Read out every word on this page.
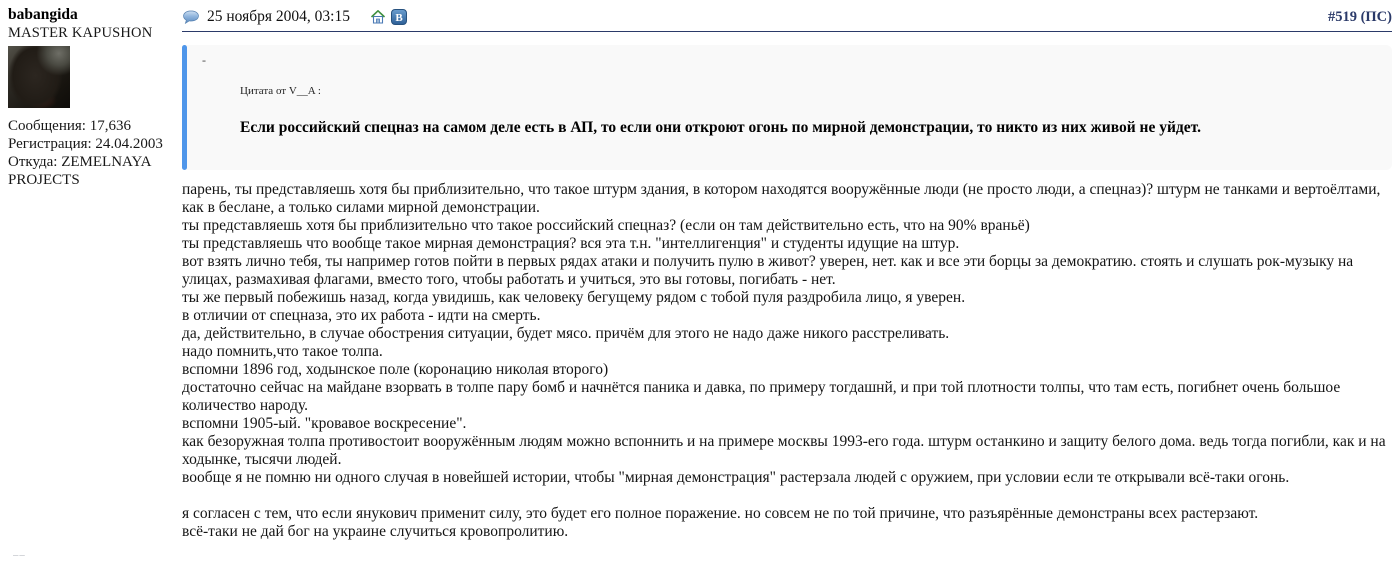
babangida
MASTER KAPUSHON
Сообщения: 17,636
Регистрация: 24.04.2003
Откуда: ZEMELNAYA PROJECTS
25 ноября 2004, 03:15	B	#519 (ПС)
-
Цитата от V__A :
Если российский спецназ на самом деле есть в АП, то если они откроют огонь по мирной демонстрации, то никто из них живой не уйдет.
парень, ты представляешь хотя бы приблизительно, что такое штурм здания, в котором находятся вооружённые люди (не просто люди, а спецназ)? штурм не танками и вертоёлтами, как в беслане, а только силами мирной демонстрации.
ты представляешь хотя бы приблизительно что такое российский спецназ? (если он там действительно есть, что на 90% враньё)
ты представляешь что вообще такое мирная демонстрация? вся эта т.н. "интеллигенция" и студенты идущие на штур.
вот взять лично тебя, ты например готов пойти в первых рядах атаки и получить пулю в живот? уверен, нет. как и все эти борцы за демократию. стоять и слушать рок-музыку на улицах, размахивая флагами, вместо того, чтобы работать и учиться, это вы готовы, погибать - нет.
ты же первый побежишь назад, когда увидишь, как человеку бегущему рядом с тобой пуля раздробила лицо, я уверен.
в отличии от спецназа, это их работа - идти на смерть.
да, действительно, в случае обострения ситуации, будет мясо. причём для этого не надо даже никого расстреливать.
надо помнить,что такое толпа.
вспомни 1896 год, ходынское поле (коронацию николая второго)
достаточно сейчас на майдане взорвать в толпе пару бомб и начнётся паника и давка, по примеру тогдашнй, и при той плотности толпы, что там есть, погибнет очень большое количество народу.
вспомни 1905-ый. "кровавое воскресение".
как безоружная толпа противостоит вооружённым людям можно вспоннить и на примере москвы 1993-его года. штурм останкино и защиту белого дома. ведь тогда погибли, как и на ходынке, тысячи людей.
вообще я не помню ни одного случая в новейшей истории, чтобы "мирная демонстрация" растерзала людей с оружием, при условии если те открывали всё-таки огонь.

я согласен с тем, что если янукович применит силу, это будет его полное поражение. но совсем не по той причине, что разъярённые демонстраны всех растерзают.
всё-таки не дай бог на украине случиться кровопролитию.
__
